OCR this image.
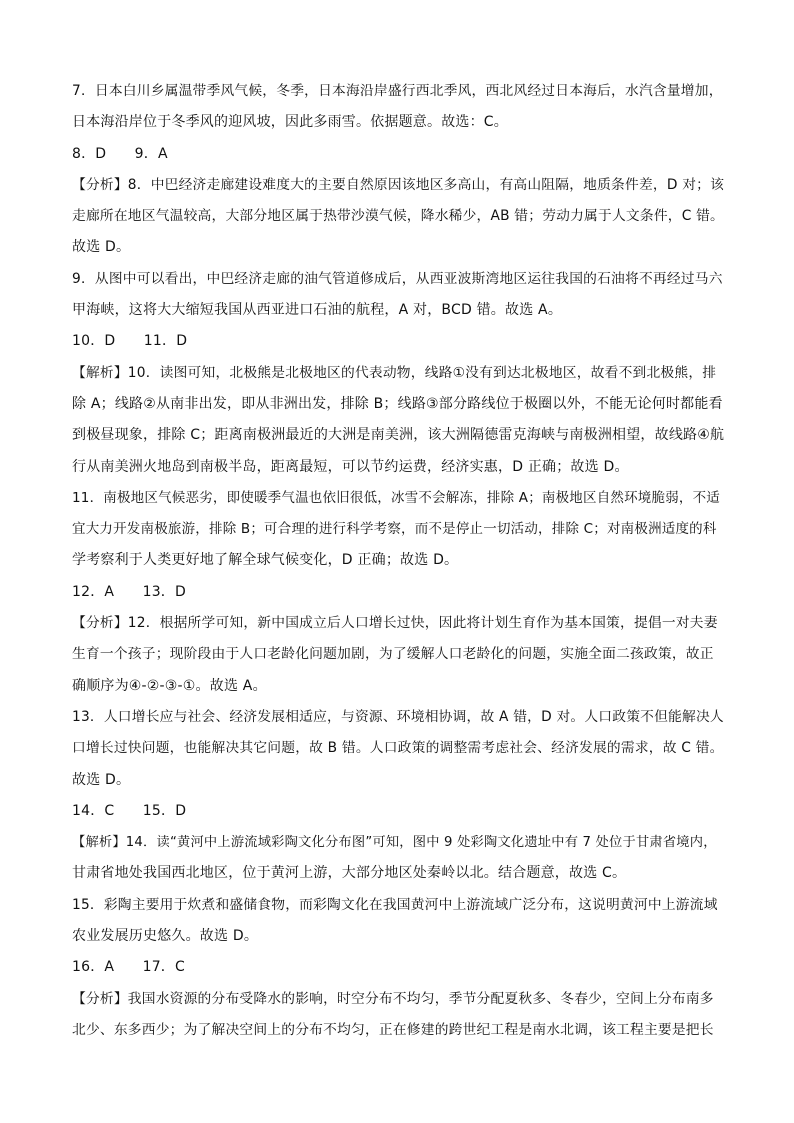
7．日本白川乡属温带季风气候，冬季，日本海沿岸盛行西北季风，西北风经过日本海后，水汽含量增加，
日本海沿岸位于冬季风的迎风坡，因此多雨雪。依据题意。故选：C。
8．D　　9．A
【分析】8．中巴经济走廊建设难度大的主要自然原因该地区多高山，有高山阻隔，地质条件差，D 对；该
走廊所在地区气温较高，大部分地区属于热带沙漠气候，降水稀少，AB 错；劳动力属于人文条件，C 错。
故选 D。
9．从图中可以看出，中巴经济走廊的油气管道修成后，从西亚波斯湾地区运往我国的石油将不再经过马六
甲海峡，这将大大缩短我国从西亚进口石油的航程，A 对，BCD 错。故选 A。
10．D　　11．D
【解析】10．读图可知，北极熊是北极地区的代表动物，线路①没有到达北极地区，故看不到北极熊，排
除 A；线路②从南非出发，即从非洲出发，排除 B；线路③部分路线位于极圈以外，不能无论何时都能看
到极昼现象，排除 C；距离南极洲最近的大洲是南美洲，该大洲隔德雷克海峡与南极洲相望，故线路④航
行从南美洲火地岛到南极半岛，距离最短，可以节约运费，经济实惠，D 正确；故选 D。
11．南极地区气候恶劣，即使暖季气温也依旧很低，冰雪不会解冻，排除 A；南极地区自然环境脆弱，不适
宜大力开发南极旅游，排除 B；可合理的进行科学考察，而不是停止一切活动，排除 C；对南极洲适度的科
学考察利于人类更好地了解全球气候变化，D 正确；故选 D。
12．A　　13．D
【分析】12．根据所学可知，新中国成立后人口增长过快，因此将计划生育作为基本国策，提倡一对夫妻
生育一个孩子；现阶段由于人口老龄化问题加剧，为了缓解人口老龄化的问题，实施全面二孩政策，故正
确顺序为④-②-③-①。故选 A。
13．人口增长应与社会、经济发展相适应，与资源、环境相协调，故 A 错，D 对。人口政策不但能解决人
口增长过快问题，也能解决其它问题，故 B 错。人口政策的调整需考虑社会、经济发展的需求，故 C 错。
故选 D。
14．C　　15．D
【解析】14．读“黄河中上游流域彩陶文化分布图”可知，图中 9 处彩陶文化遗址中有 7 处位于甘肃省境内，
甘肃省地处我国西北地区，位于黄河上游，大部分地区处秦岭以北。结合题意，故选 C。
15．彩陶主要用于炊煮和盛储食物，而彩陶文化在我国黄河中上游流域广泛分布，这说明黄河中上游流域
农业发展历史悠久。故选 D。
16．A　　17．C
【分析】我国水资源的分布受降水的影响，时空分布不均匀，季节分配夏秋多、冬春少，空间上分布南多
北少、东多西少；为了解决空间上的分布不均匀，正在修建的跨世纪工程是南水北调，该工程主要是把长
